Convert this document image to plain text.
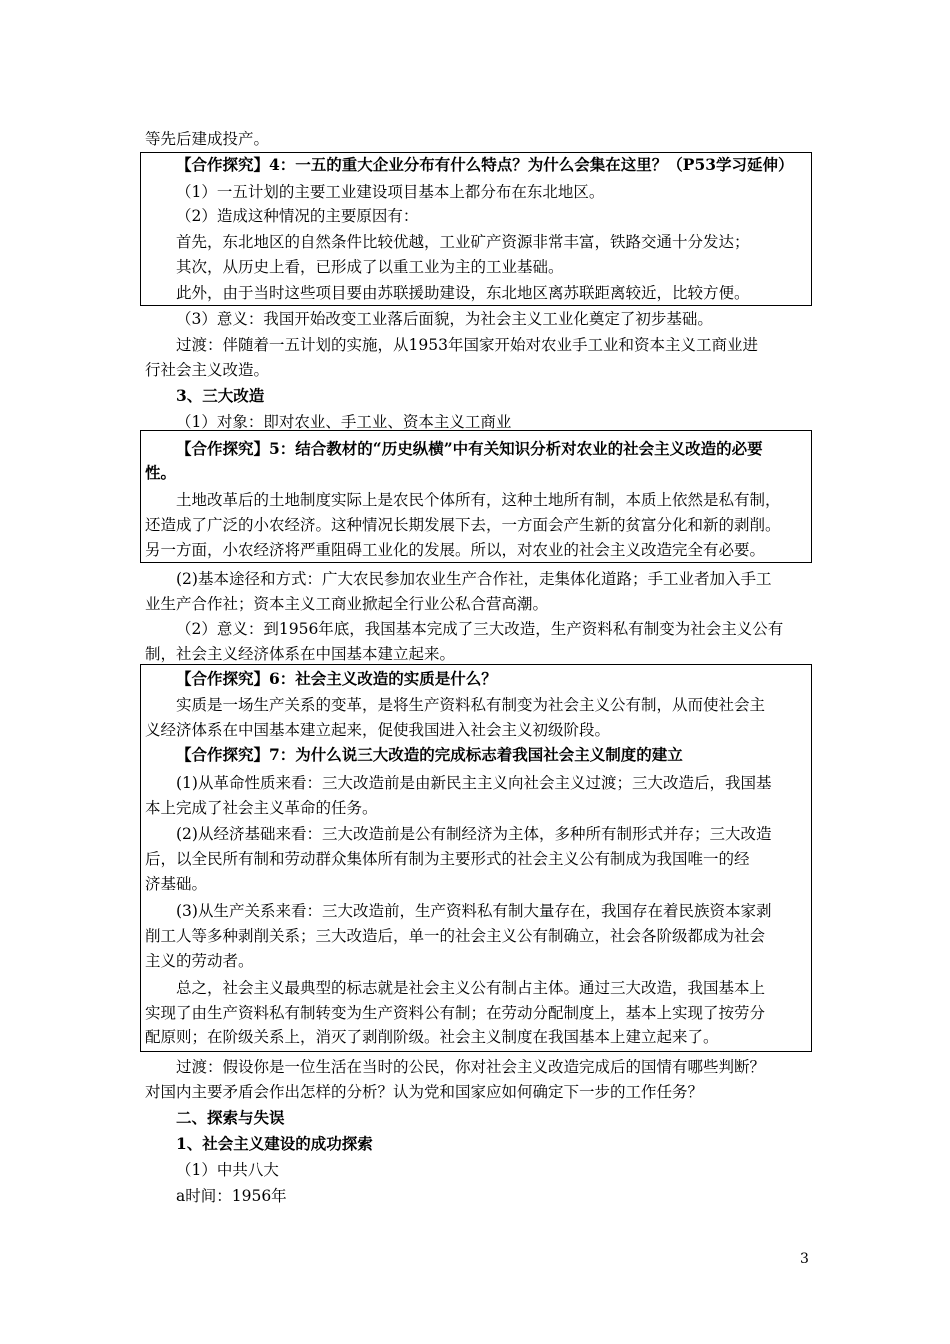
等先后建成投产。
【合作探究】4：一五的重大企业分布有什么特点？为什么会集在这里？（P53学习延伸）
（1）一五计划的主要工业建设项目基本上都分布在东北地区。
（2）造成这种情况的主要原因有：
首先，东北地区的自然条件比较优越，工业矿产资源非常丰富，铁路交通十分发达；
其次，从历史上看，已形成了以重工业为主的工业基础。
此外，由于当时这些项目要由苏联援助建设，东北地区离苏联距离较近，比较方便。
（3）意义：我国开始改变工业落后面貌，为社会主义工业化奠定了初步基础。
过渡：伴随着一五计划的实施，从1953年国家开始对农业手工业和资本主义工商业进
行社会主义改造。
3、三大改造
（1）对象：即对农业、手工业、资本主义工商业
【合作探究】5：结合教材的“历史纵横”中有关知识分析对农业的社会主义改造的必要
性。
土地改革后的土地制度实际上是农民个体所有，这种土地所有制，本质上依然是私有制，
还造成了广泛的小农经济。这种情况长期发展下去，一方面会产生新的贫富分化和新的剥削。
另一方面，小农经济将严重阻碍工业化的发展。所以，对农业的社会主义改造完全有必要。
(2)基本途径和方式：广大农民参加农业生产合作社，走集体化道路；手工业者加入手工
业生产合作社；资本主义工商业掀起全行业公私合营高潮。
（2）意义：到1956年底，我国基本完成了三大改造，生产资料私有制变为社会主义公有
制，社会主义经济体系在中国基本建立起来。
【合作探究】6：社会主义改造的实质是什么？
实质是一场生产关系的变革，是将生产资料私有制变为社会主义公有制，从而使社会主
义经济体系在中国基本建立起来，促使我国进入社会主义初级阶段。
【合作探究】7：为什么说三大改造的完成标志着我国社会主义制度的建立
(1)从革命性质来看：三大改造前是由新民主主义向社会主义过渡；三大改造后，我国基
本上完成了社会主义革命的任务。
(2)从经济基础来看：三大改造前是公有制经济为主体，多种所有制形式并存；三大改造
后，以全民所有制和劳动群众集体所有制为主要形式的社会主义公有制成为我国唯一的经
济基础。
(3)从生产关系来看：三大改造前，生产资料私有制大量存在，我国存在着民族资本家剥
削工人等多种剥削关系；三大改造后，单一的社会主义公有制确立，社会各阶级都成为社会
主义的劳动者。
总之，社会主义最典型的标志就是社会主义公有制占主体。通过三大改造，我国基本上
实现了由生产资料私有制转变为生产资料公有制；在劳动分配制度上，基本上实现了按劳分
配原则；在阶级关系上，消灭了剥削阶级。社会主义制度在我国基本上建立起来了。
过渡：假设你是一位生活在当时的公民，你对社会主义改造完成后的国情有哪些判断？
对国内主要矛盾会作出怎样的分析？认为党和国家应如何确定下一步的工作任务？
二、探索与失误
1、社会主义建设的成功探索
（1）中共八大
a时间：1956年
3
